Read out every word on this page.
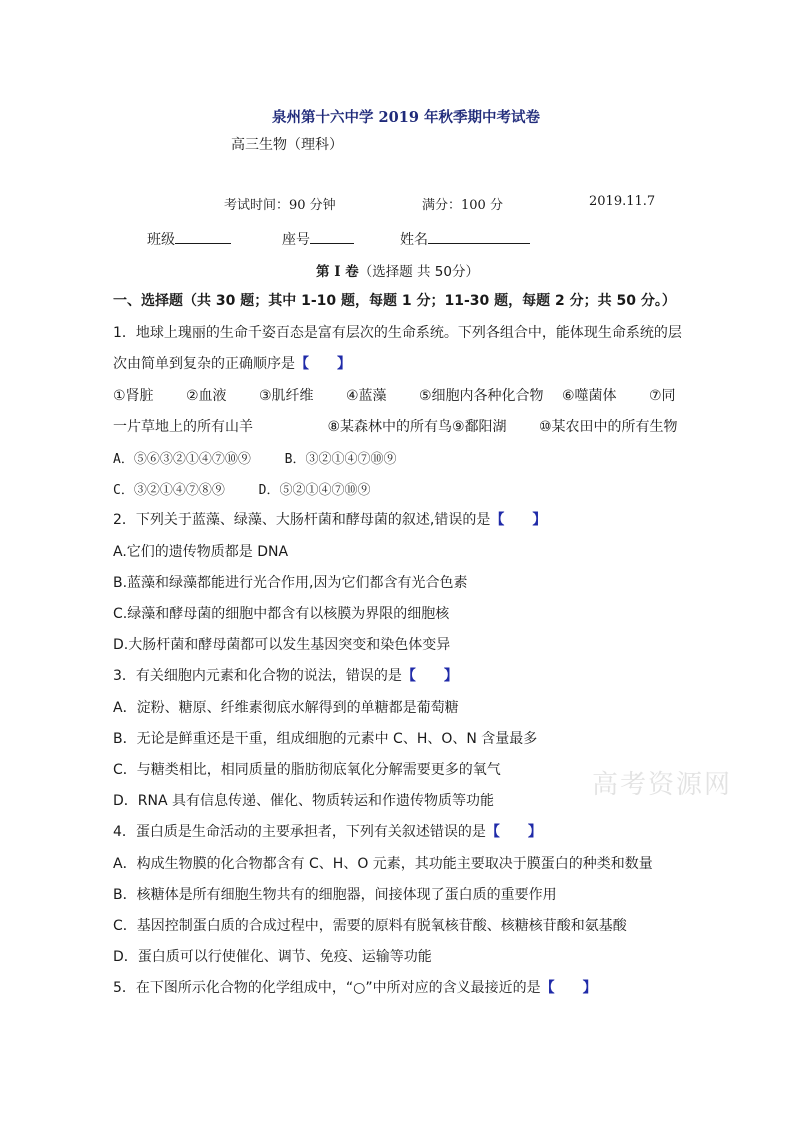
泉州第十六中学 2019 年秋季期中考试卷
高三生物（理科）
考试时间：90 分钟	满分：100 分	2019.11.7
班级	座号	姓名
第 I 卷（选择题 共 50分）
一、选择题（共 30 题；其中 1-10 题，每题 1 分；11-30 题，每题 2 分；共 50 分。）
1．地球上瑰丽的生命千姿百态是富有层次的生命系统。下列各组合中，能体现生命系统的层
次由简单到复杂的正确顺序是【　　】
①肾脏　　 ②血液　　 ③肌纤维　　 ④蓝藻　　 ⑤细胞内各种化合物　 ⑥噬菌体　　 ⑦同
一片草地上的所有山羊　　　　　 ⑧某森林中的所有鸟⑨鄱阳湖　　 ⑩某农田中的所有生物
A．⑤⑥③②①④⑦⑩⑨　　 B．③②①④⑦⑩⑨
C．③②①④⑦⑧⑨　　 D．⑤②①④⑦⑩⑨
2．下列关于蓝藻、绿藻、大肠杆菌和酵母菌的叙述,错误的是【　　】
A.它们的遗传物质都是 DNA
B.蓝藻和绿藻都能进行光合作用,因为它们都含有光合色素
C.绿藻和酵母菌的细胞中都含有以核膜为界限的细胞核
D.大肠杆菌和酵母菌都可以发生基因突变和染色体变异
3．有关细胞内元素和化合物的说法，错误的是【　　】
A．淀粉、糖原、纤维素彻底水解得到的单糖都是葡萄糖
B．无论是鲜重还是干重，组成细胞的元素中 C、H、O、N 含量最多
C．与糖类相比，相同质量的脂肪彻底氧化分解需要更多的氧气
D．RNA 具有信息传递、催化、物质转运和作遗传物质等功能
4．蛋白质是生命活动的主要承担者，下列有关叙述错误的是【　　】
A．构成生物膜的化合物都含有 C、H、O 元素，其功能主要取决于膜蛋白的种类和数量
B．核糖体是所有细胞生物共有的细胞器，间接体现了蛋白质的重要作用
C．基因控制蛋白质的合成过程中，需要的原料有脱氧核苷酸、核糖核苷酸和氨基酸
D．蛋白质可以行使催化、调节、免疫、运输等功能
5．在下图所示化合物的化学组成中，“○”中所对应的含义最接近的是【　　】
高考资源网
